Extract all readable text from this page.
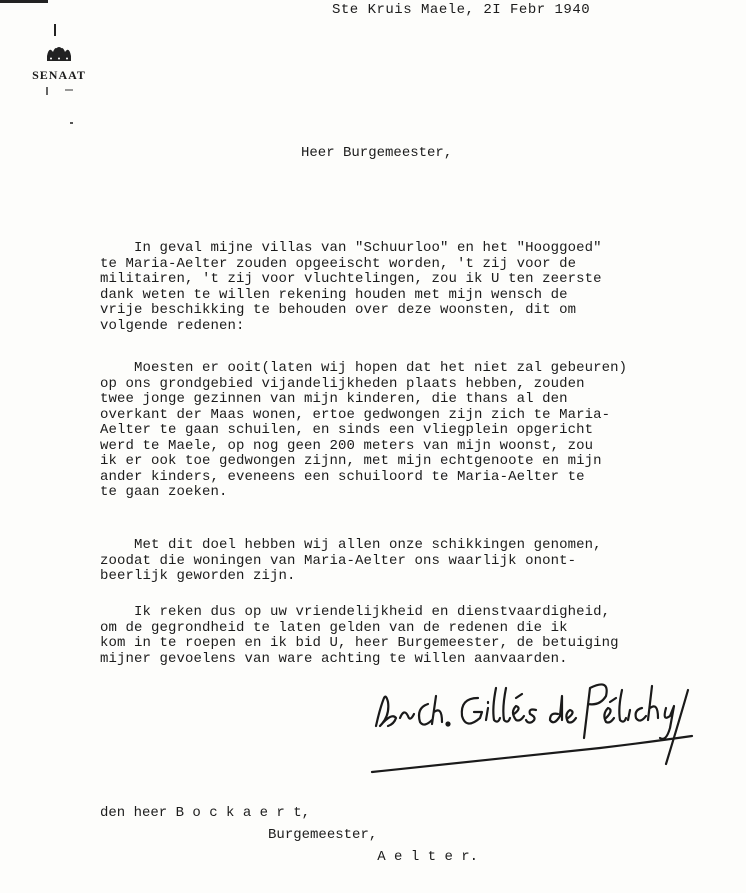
SENAAT
Ste Kruis Maele, 2I Febr 1940
Heer Burgemeester,
In geval mijne villas van "Schuurloo" en het "Hooggoed"
te Maria-Aelter zouden opgeeischt worden, 't zij voor de
militairen, 't zij voor vluchtelingen, zou ik U ten zeerste
dank weten te willen rekening houden met mijn wensch de
vrije beschikking te behouden over deze woonsten, dit om
volgende redenen:
Moesten er ooit(laten wij hopen dat het niet zal gebeuren)
op ons grondgebied vijandelijkheden plaats hebben, zouden
twee jonge gezinnen van mijn kinderen, die thans al den
overkant der Maas wonen, ertoe gedwongen zijn zich te Maria-
Aelter te gaan schuilen, en sinds een vliegplein opgericht
werd te Maele, op nog geen 200 meters van mijn woonst, zou
ik er ook toe gedwongen zijnn, met mijn echtgenoote en mijn
ander kinders, eveneens een schuiloord te Maria-Aelter te
te gaan zoeken.
Met dit doel hebben wij allen onze schikkingen genomen,
zoodat die woningen van Maria-Aelter ons waarlijk onont-
beerlijk geworden zijn.
Ik reken dus op uw vriendelijkheid en dienstvaardigheid,
om de gegrondheid te laten gelden van de redenen die ik
kom in te roepen en ik bid U, heer Burgemeester, de betuiging
mijner gevoelens van ware achting te willen aanvaarden.
den heer B o c k a e r t,
Burgemeester,
A e l t e r.
